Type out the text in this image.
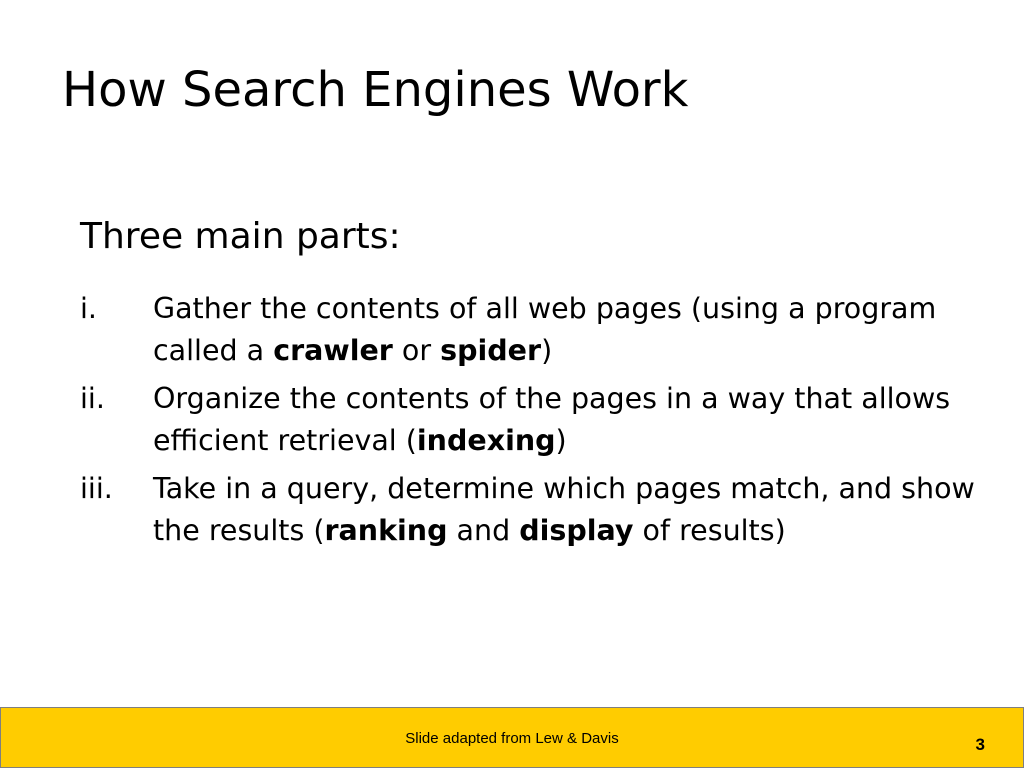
How Search Engines Work
Three main parts:
i. Gather the contents of all web pages (using a program called a crawler or spider)
ii. Organize the contents of the pages in a way that allows efficient retrieval (indexing)
iii. Take in a query, determine which pages match, and show the results (ranking and display of results)
Slide adapted from Lew & Davis	3
